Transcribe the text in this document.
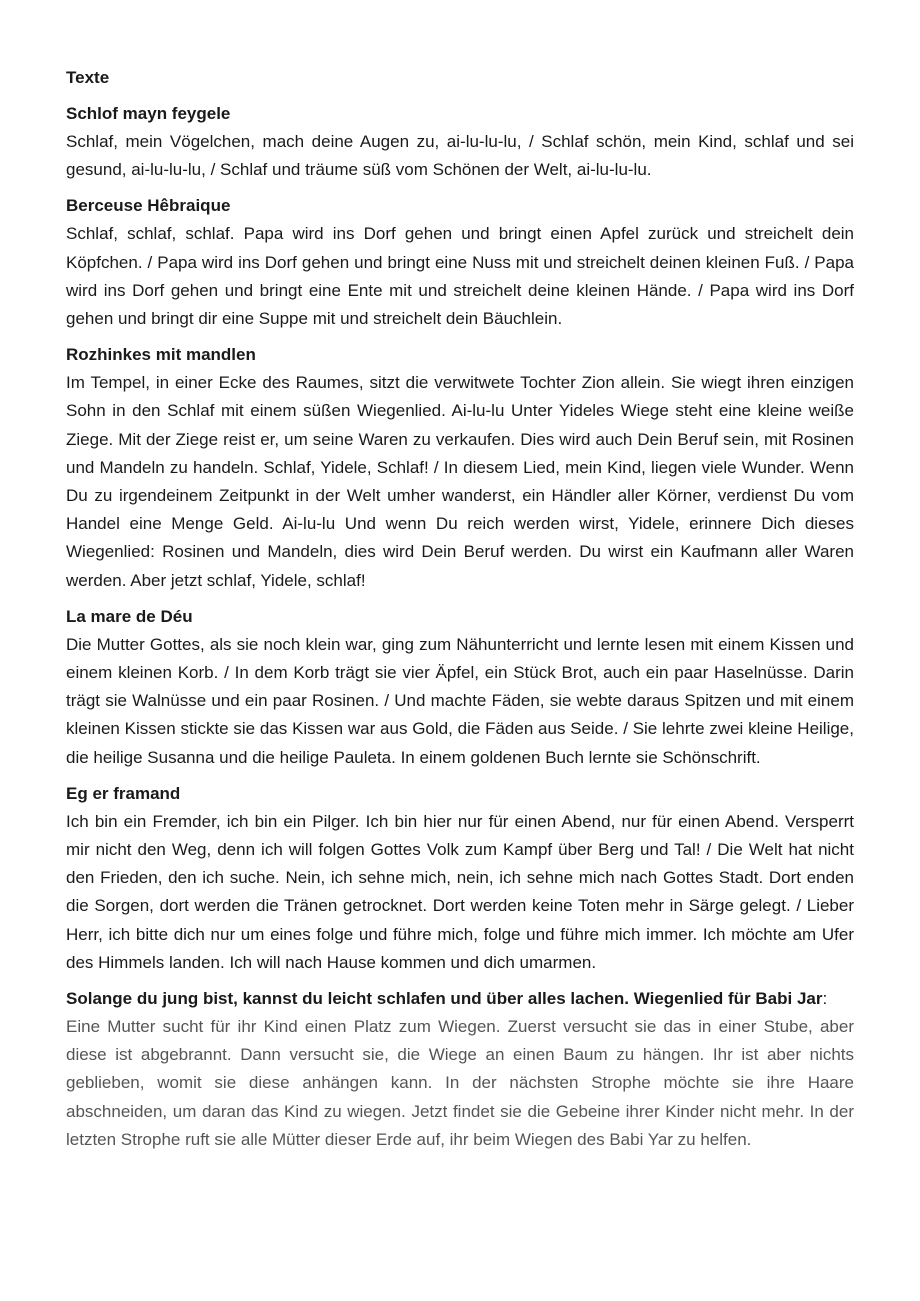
Texte

Schlof mayn feygele

Schlaf, mein Vögelchen, mach deine Augen zu, ai-lu-lu-lu, / Schlaf schön, mein Kind, schlaf und sei gesund, ai-lu-lu-lu, / Schlaf und träume süß vom Schönen der Welt, ai-lu-lu-lu.

Berceuse Hêbraique

Schlaf, schlaf, schlaf. Papa wird ins Dorf gehen und bringt einen Apfel zurück und streichelt dein Köpfchen. / Papa wird ins Dorf gehen und bringt eine Nuss mit und streichelt deinen kleinen Fuß. / Papa wird ins Dorf gehen und bringt eine Ente mit und streichelt deine kleinen Hände. / Papa wird ins Dorf gehen und bringt dir eine Suppe mit und streichelt dein Bäuchlein.

Rozhinkes mit mandlen

Im Tempel, in einer Ecke des Raumes, sitzt die verwitwete Tochter Zion allein. Sie wiegt ihren einzigen Sohn in den Schlaf mit einem süßen Wiegenlied. Ai-lu-lu Unter Yideles Wiege steht eine kleine weiße Ziege. Mit der Ziege reist er, um seine Waren zu verkaufen. Dies wird auch Dein Beruf sein, mit Rosinen und Mandeln zu handeln. Schlaf, Yidele, Schlaf! / In diesem Lied, mein Kind, liegen viele Wunder. Wenn Du zu irgendeinem Zeitpunkt in der Welt umher wanderst, ein Händler aller Körner, verdienst Du vom Handel eine Menge Geld. Ai-lu-lu Und wenn Du reich werden wirst, Yidele, erinnere Dich dieses Wiegenlied: Rosinen und Mandeln, dies wird Dein Beruf werden. Du wirst ein Kaufmann aller Waren werden. Aber jetzt schlaf, Yidele, schlaf!

La mare de Déu

Die Mutter Gottes, als sie noch klein war, ging zum Nähunterricht und lernte lesen mit einem Kissen und einem kleinen Korb. / In dem Korb trägt sie vier Äpfel, ein Stück Brot, auch ein paar Haselnüsse. Darin trägt sie Walnüsse und ein paar Rosinen. / Und machte Fäden, sie webte daraus Spitzen und mit einem kleinen Kissen stickte sie das Kissen war aus Gold, die Fäden aus Seide. / Sie lehrte zwei kleine Heilige, die heilige Susanna und die heilige Pauleta. In einem goldenen Buch lernte sie Schönschrift.

Eg er framand

Ich bin ein Fremder, ich bin ein Pilger. Ich bin hier nur für einen Abend, nur für einen Abend. Versperrt mir nicht den Weg, denn ich will folgen Gottes Volk zum Kampf über Berg und Tal! / Die Welt hat nicht den Frieden, den ich suche. Nein, ich sehne mich, nein, ich sehne mich nach Gottes Stadt. Dort enden die Sorgen, dort werden die Tränen getrocknet. Dort werden keine Toten mehr in Särge gelegt. / Lieber Herr, ich bitte dich nur um eines folge und führe mich, folge und führe mich immer. Ich möchte am Ufer des Himmels landen. Ich will nach Hause kommen und dich umarmen.

Solange du jung bist, kannst du leicht schlafen und über alles lachen. Wiegenlied für Babi Jar:

Eine Mutter sucht für ihr Kind einen Platz zum Wiegen. Zuerst versucht sie das in einer Stube, aber diese ist abgebrannt. Dann versucht sie, die Wiege an einen Baum zu hängen. Ihr ist aber nichts geblieben, womit sie diese anhängen kann. In der nächsten Strophe möchte sie ihre Haare abschneiden, um daran das Kind zu wiegen. Jetzt findet sie die Gebeine ihrer Kinder nicht mehr. In der letzten Strophe ruft sie alle Mütter dieser Erde auf, ihr beim Wiegen des Babi Yar zu helfen.
